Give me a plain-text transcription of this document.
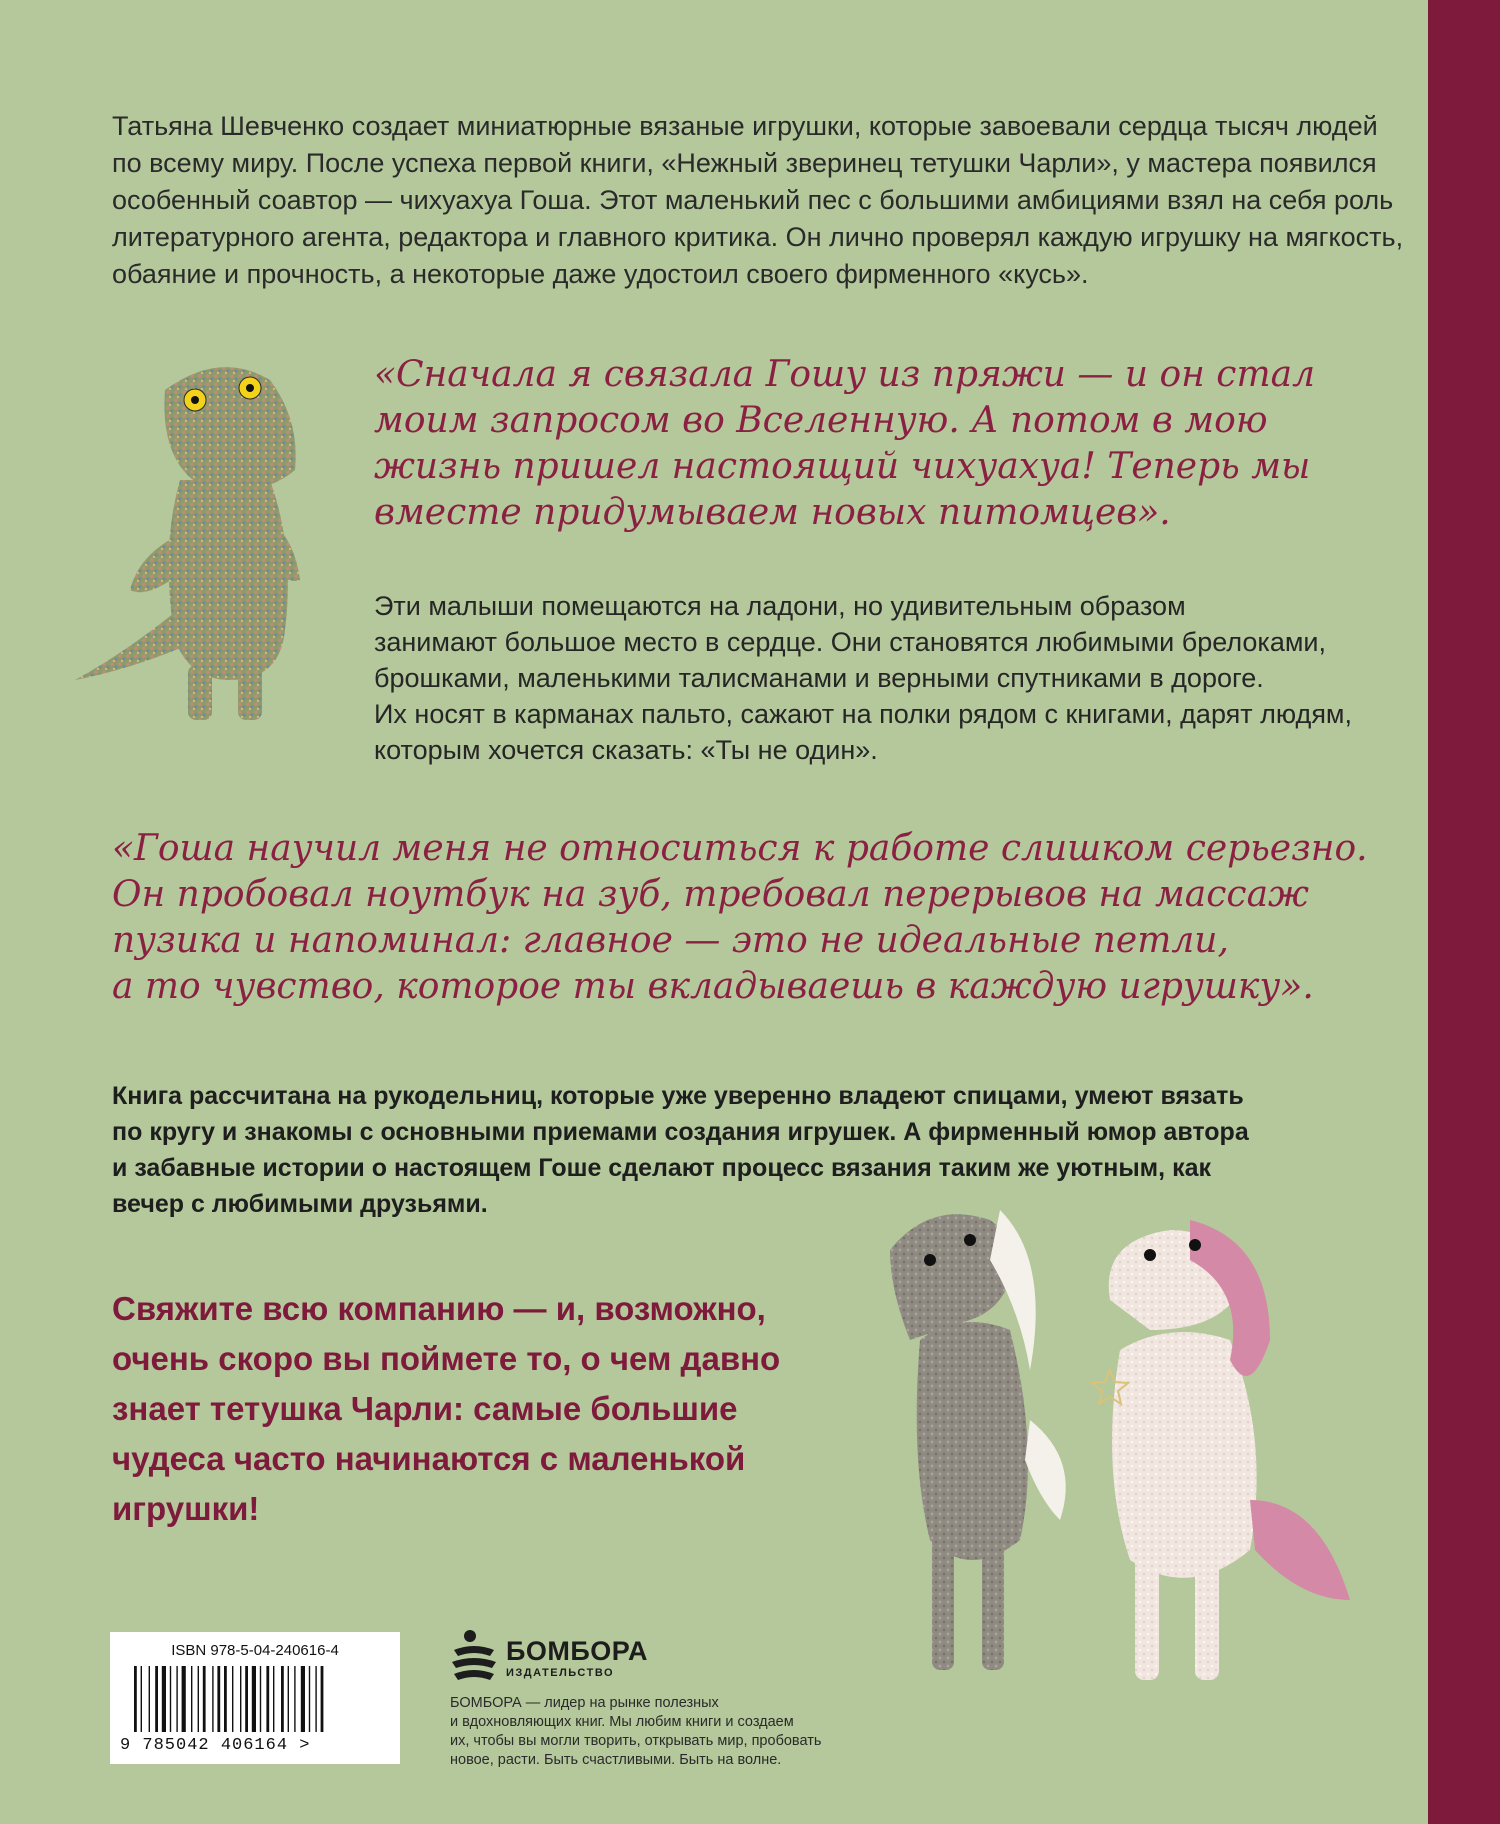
Татьяна Шевченко создает миниатюрные вязаные игрушки, которые завоевали сердца тысяч людей по всему миру. После успеха первой книги, «Нежный зверинец тетушки Чарли», у мастера появился особенный соавтор — чихуахуа Гоша. Этот маленький пес с большими амбициями взял на себя роль литературного агента, редактора и главного критика. Он лично проверял каждую игрушку на мягкость, обаяние и прочность, а некоторые даже удостоил своего фирменного «кусь».
«Сначала я связала Гошу из пряжи — и он стал
моим запросом во Вселенную. А потом в мою
жизнь пришел настоящий чихуахуа! Теперь мы
вместе придумываем новых питомцев».
Эти малыши помещаются на ладони, но удивительным образом
занимают большое место в сердце. Они становятся любимыми брелоками,
брошками, маленькими талисманами и верными спутниками в дороге.
Их носят в карманах пальто, сажают на полки рядом с книгами, дарят людям,
которым хочется сказать: «Ты не один».
«Гоша научил меня не относиться к работе слишком серьезно.
Он пробовал ноутбук на зуб, требовал перерывов на массаж
пузика и напоминал: главное — это не идеальные петли,
а то чувство, которое ты вкладываешь в каждую игрушку».
Книга рассчитана на рукодельниц, которые уже уверенно владеют спицами, умеют вязать
по кругу и знакомы с основными приемами создания игрушек. А фирменный юмор автора
и забавные истории о настоящем Гоше сделают процесс вязания таким же уютным, как
вечер с любимыми друзьями.
Свяжите всю компанию — и, возможно,
очень скоро вы поймете то, о чем давно
знает тетушка Чарли: самые большие
чудеса часто начинаются с маленькой
игрушки!
ISBN 978-5-04-240616-4
9 785042 406164 >
БОМБОРА
ИЗДАТЕЛЬСТВО
БОМБОРА — лидер на рынке полезных
и вдохновляющих книг. Мы любим книги и создаем
их, чтобы вы могли творить, открывать мир, пробовать
новое, расти. Быть счастливыми. Быть на волне.
